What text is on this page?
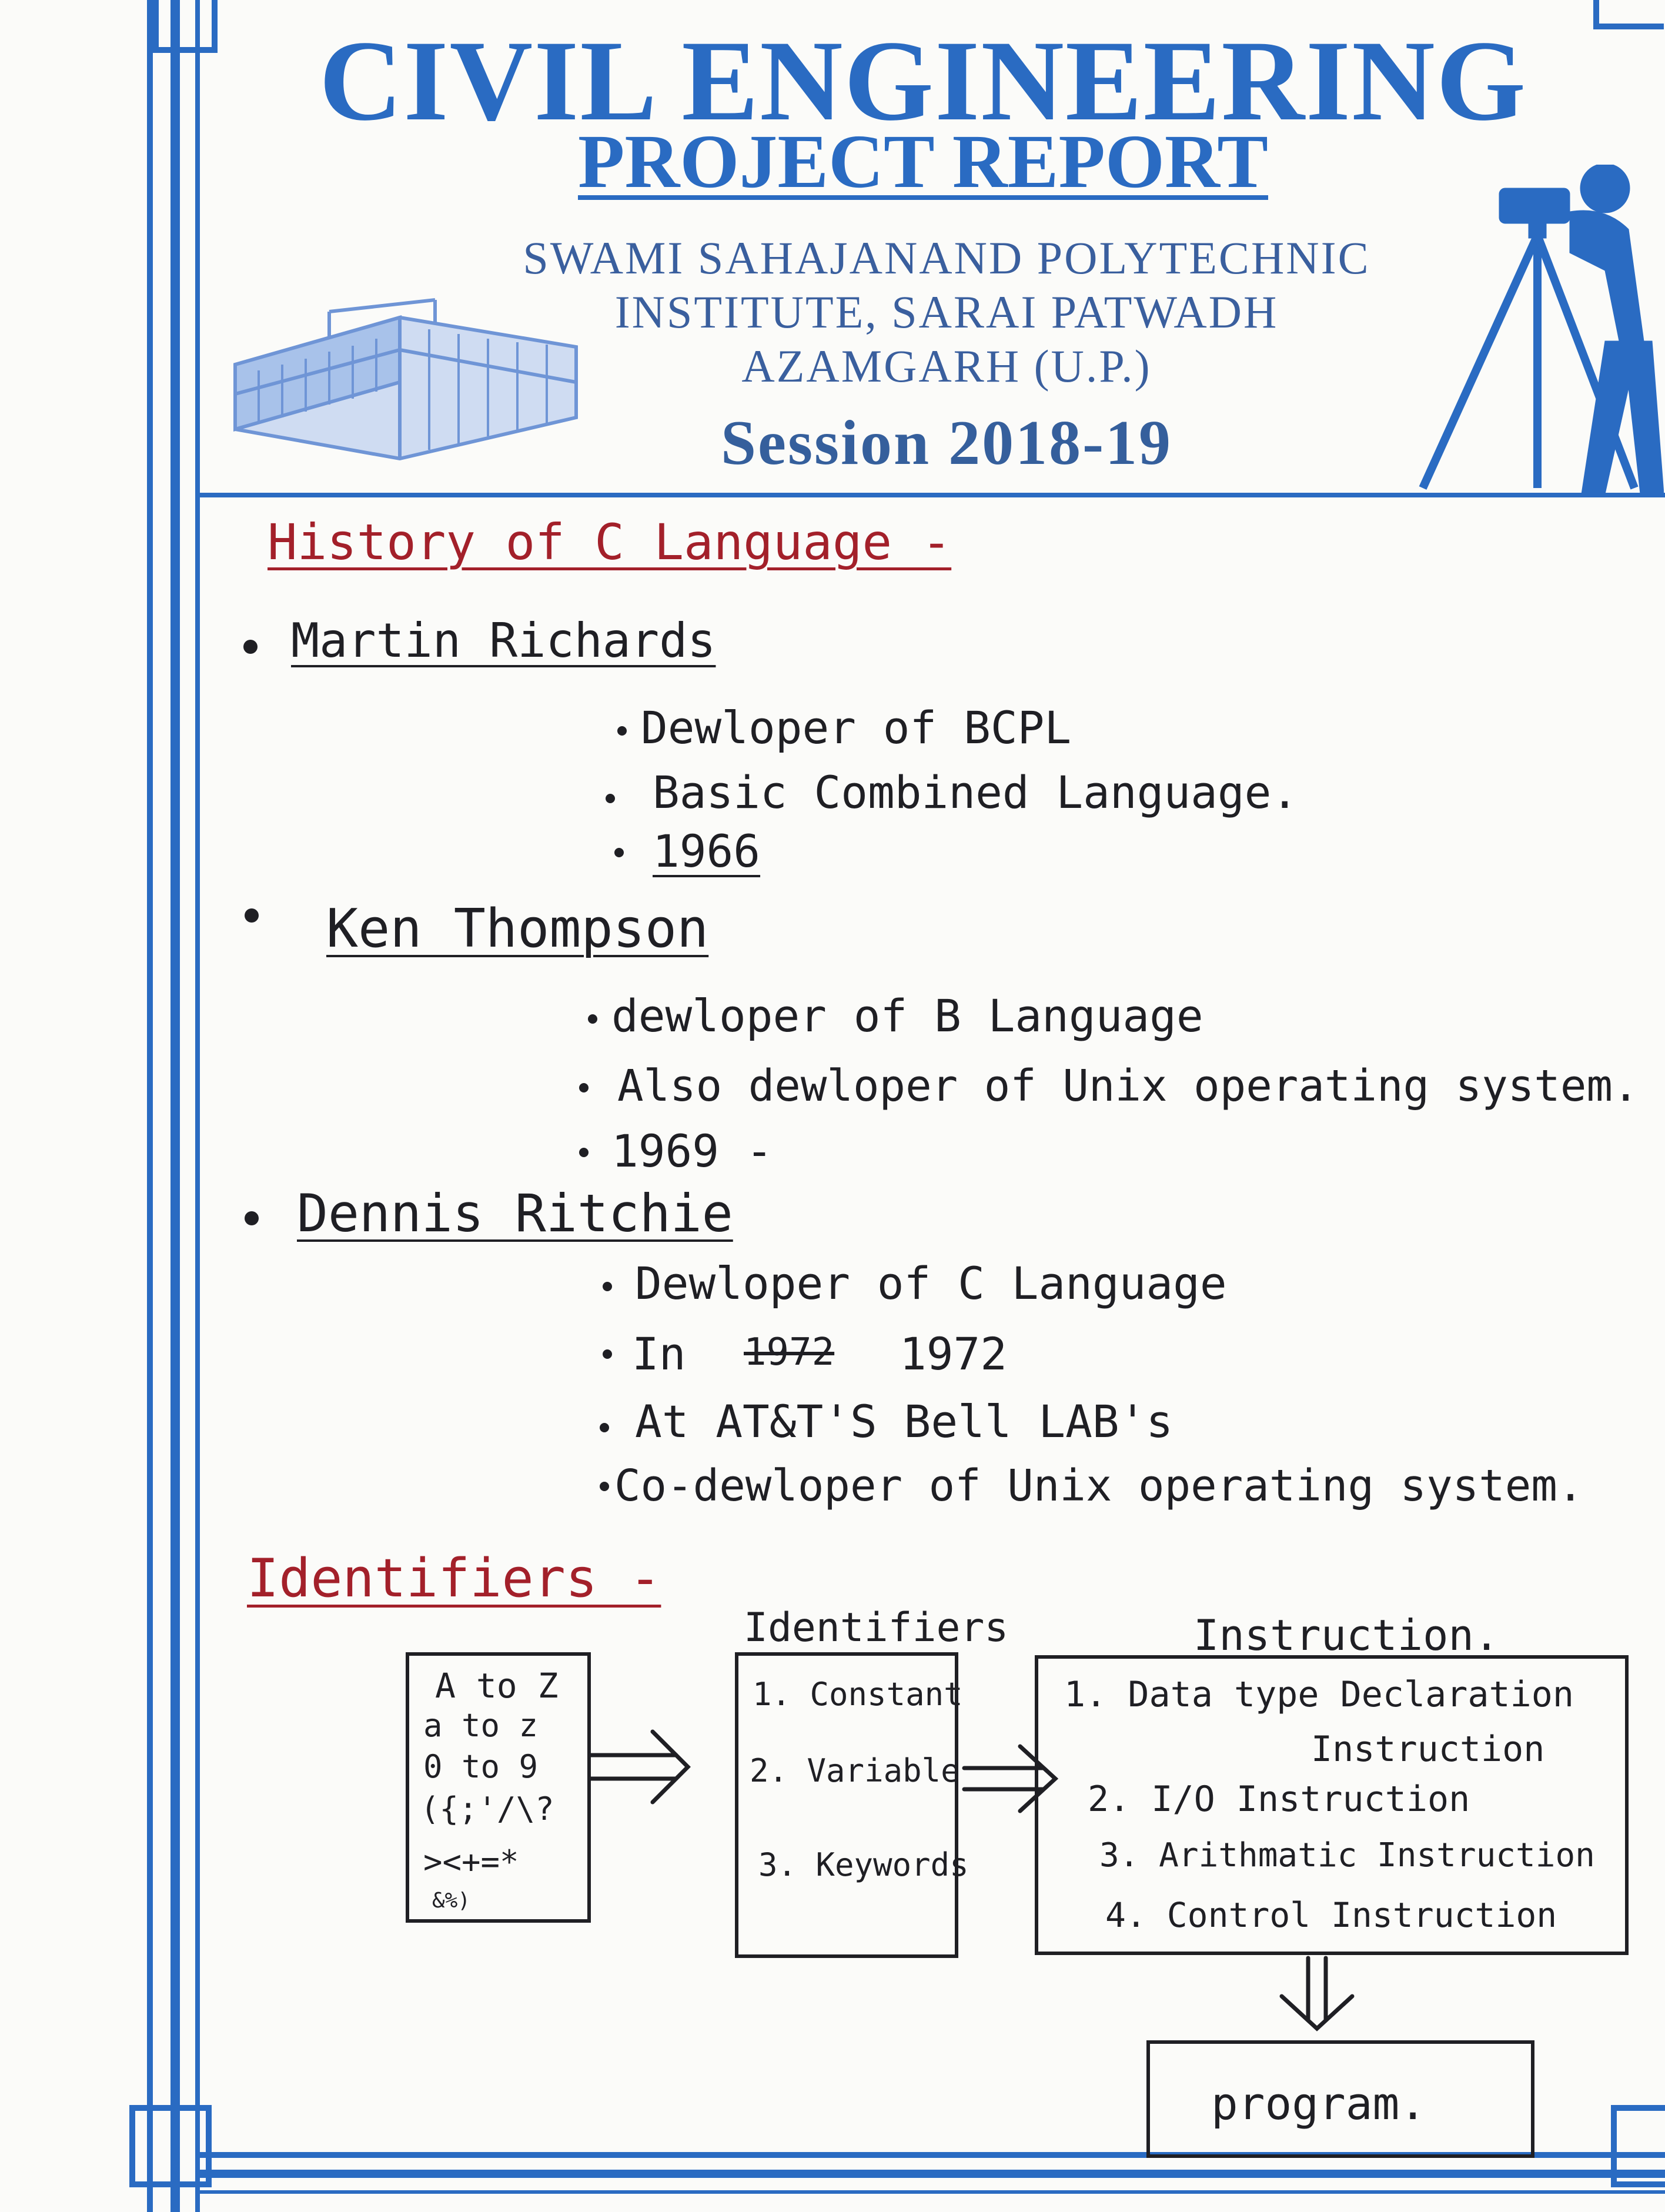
CIVIL ENGINEERING
PROJECT REPORT
SWAMI SAHAJANAND POLYTECHNIC
INSTITUTE, SARAI PATWADH
AZAMGARH (U.P.)
Session 2018-19
History of C Language -
Martin Richards
Dewloper of BCPL
Basic Combined Language.
1966
Ken Thompson
dewloper of B Language
Also dewloper of Unix operating system.
1969 -
Dennis Ritchie
Dewloper of C Language
In 1972 1972
At AT&T'S Bell LAB's
Co-dewloper of Unix operating system.
Identifiers -
A to Z
a to z
0 to 9
({;'/\?
><+=*
&%)
Identifiers
1. Constant
2. Variable
3. Keywords
Instruction.
1. Data type Declaration
Instruction
2. I/O Instruction
3. Arithmatic Instruction
4. Control Instruction
program.
